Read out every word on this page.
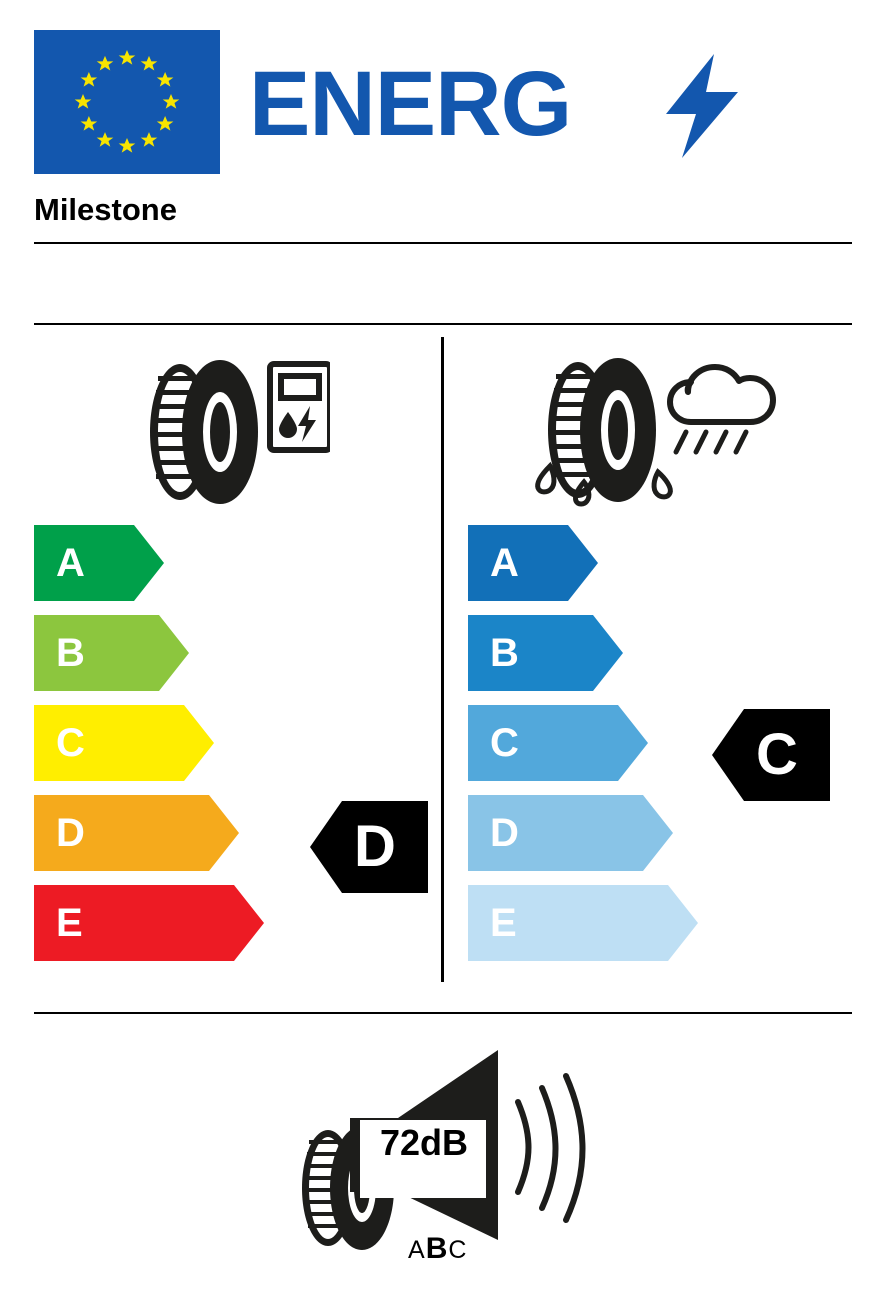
ENERG
Milestone
A
B
C
D
E
D
A
B
C
D
E
C
72dB
ABC
